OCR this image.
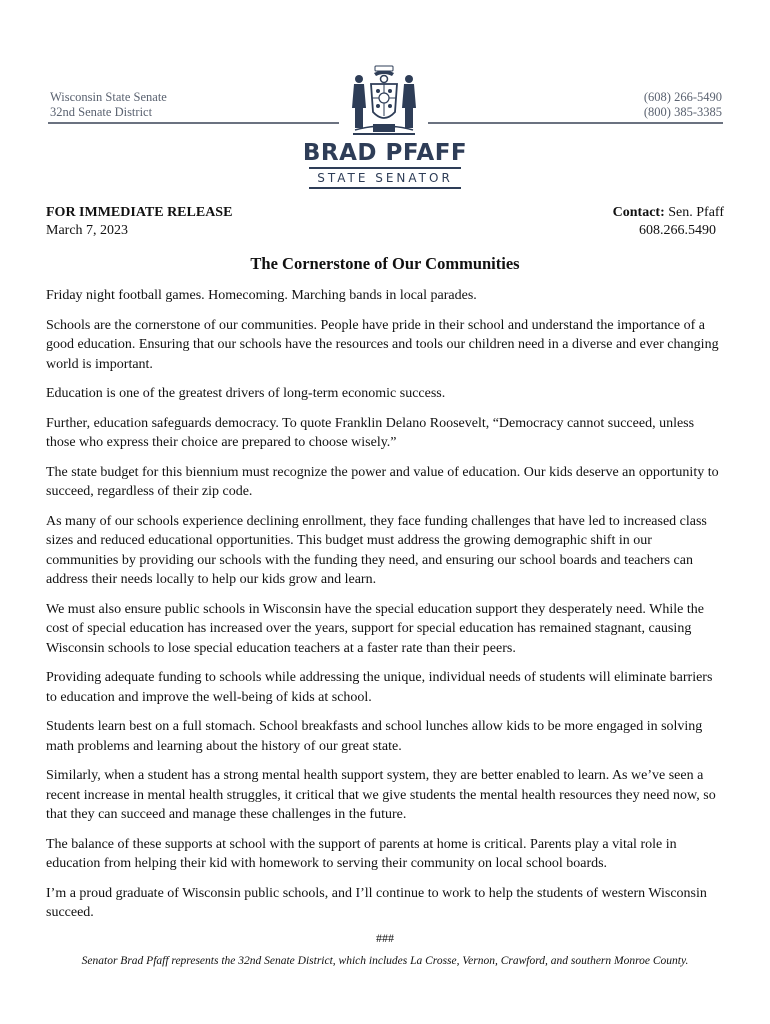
Wisconsin State Senate
32nd Senate District
(608) 266-5490
(800) 385-3385
BRAD PFAFF
STATE SENATOR
FOR IMMEDIATE RELEASE
March 7, 2023
Contact: Sen. Pfaff
608.266.5490
The Cornerstone of Our Communities

Friday night football games. Homecoming. Marching bands in local parades.

Schools are the cornerstone of our communities. People have pride in their school and understand the importance of a good education. Ensuring that our schools have the resources and tools our children need in a diverse and ever changing world is important.

Education is one of the greatest drivers of long-term economic success.

Further, education safeguards democracy. To quote Franklin Delano Roosevelt, “Democracy cannot succeed, unless those who express their choice are prepared to choose wisely.”

The state budget for this biennium must recognize the power and value of education. Our kids deserve an opportunity to succeed, regardless of their zip code.

As many of our schools experience declining enrollment, they face funding challenges that have led to increased class sizes and reduced educational opportunities. This budget must address the growing demographic shift in our communities by providing our schools with the funding they need, and ensuring our school boards and teachers can address their needs locally to help our kids grow and learn.

We must also ensure public schools in Wisconsin have the special education support they desperately need. While the cost of special education has increased over the years, support for special education has remained stagnant, causing Wisconsin schools to lose special education teachers at a faster rate than their peers.

Providing adequate funding to schools while addressing the unique, individual needs of students will eliminate barriers to education and improve the well-being of kids at school.

Students learn best on a full stomach. School breakfasts and school lunches allow kids to be more engaged in solving math problems and learning about the history of our great state.

Similarly, when a student has a strong mental health support system, they are better enabled to learn. As we’ve seen a recent increase in mental health struggles, it critical that we give students the mental health resources they need now, so that they can succeed and manage these challenges in the future.

The balance of these supports at school with the support of parents at home is critical. Parents play a vital role in education from helping their kid with homework to serving their community on local school boards.

I’m a proud graduate of Wisconsin public schools, and I’ll continue to work to help the students of western Wisconsin succeed.

###
Senator Brad Pfaff represents the 32nd Senate District, which includes La Crosse, Vernon, Crawford, and southern Monroe County.
